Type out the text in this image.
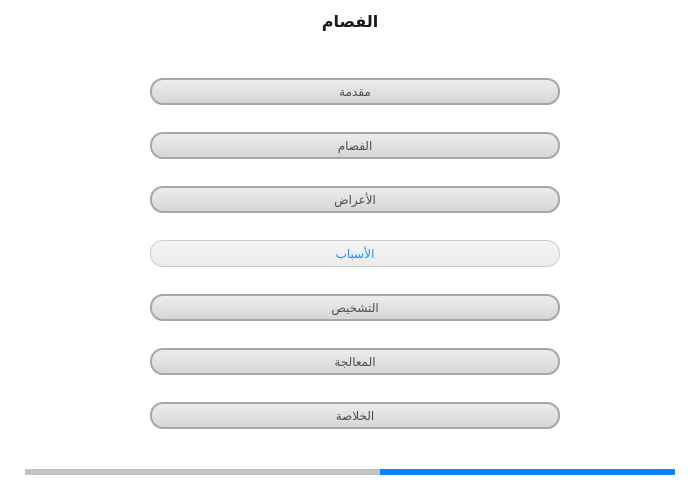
الفصام
مقدمة
الفصام
الأعراض
الأسباب
التشخيص
المعالجة
الخلاصة
